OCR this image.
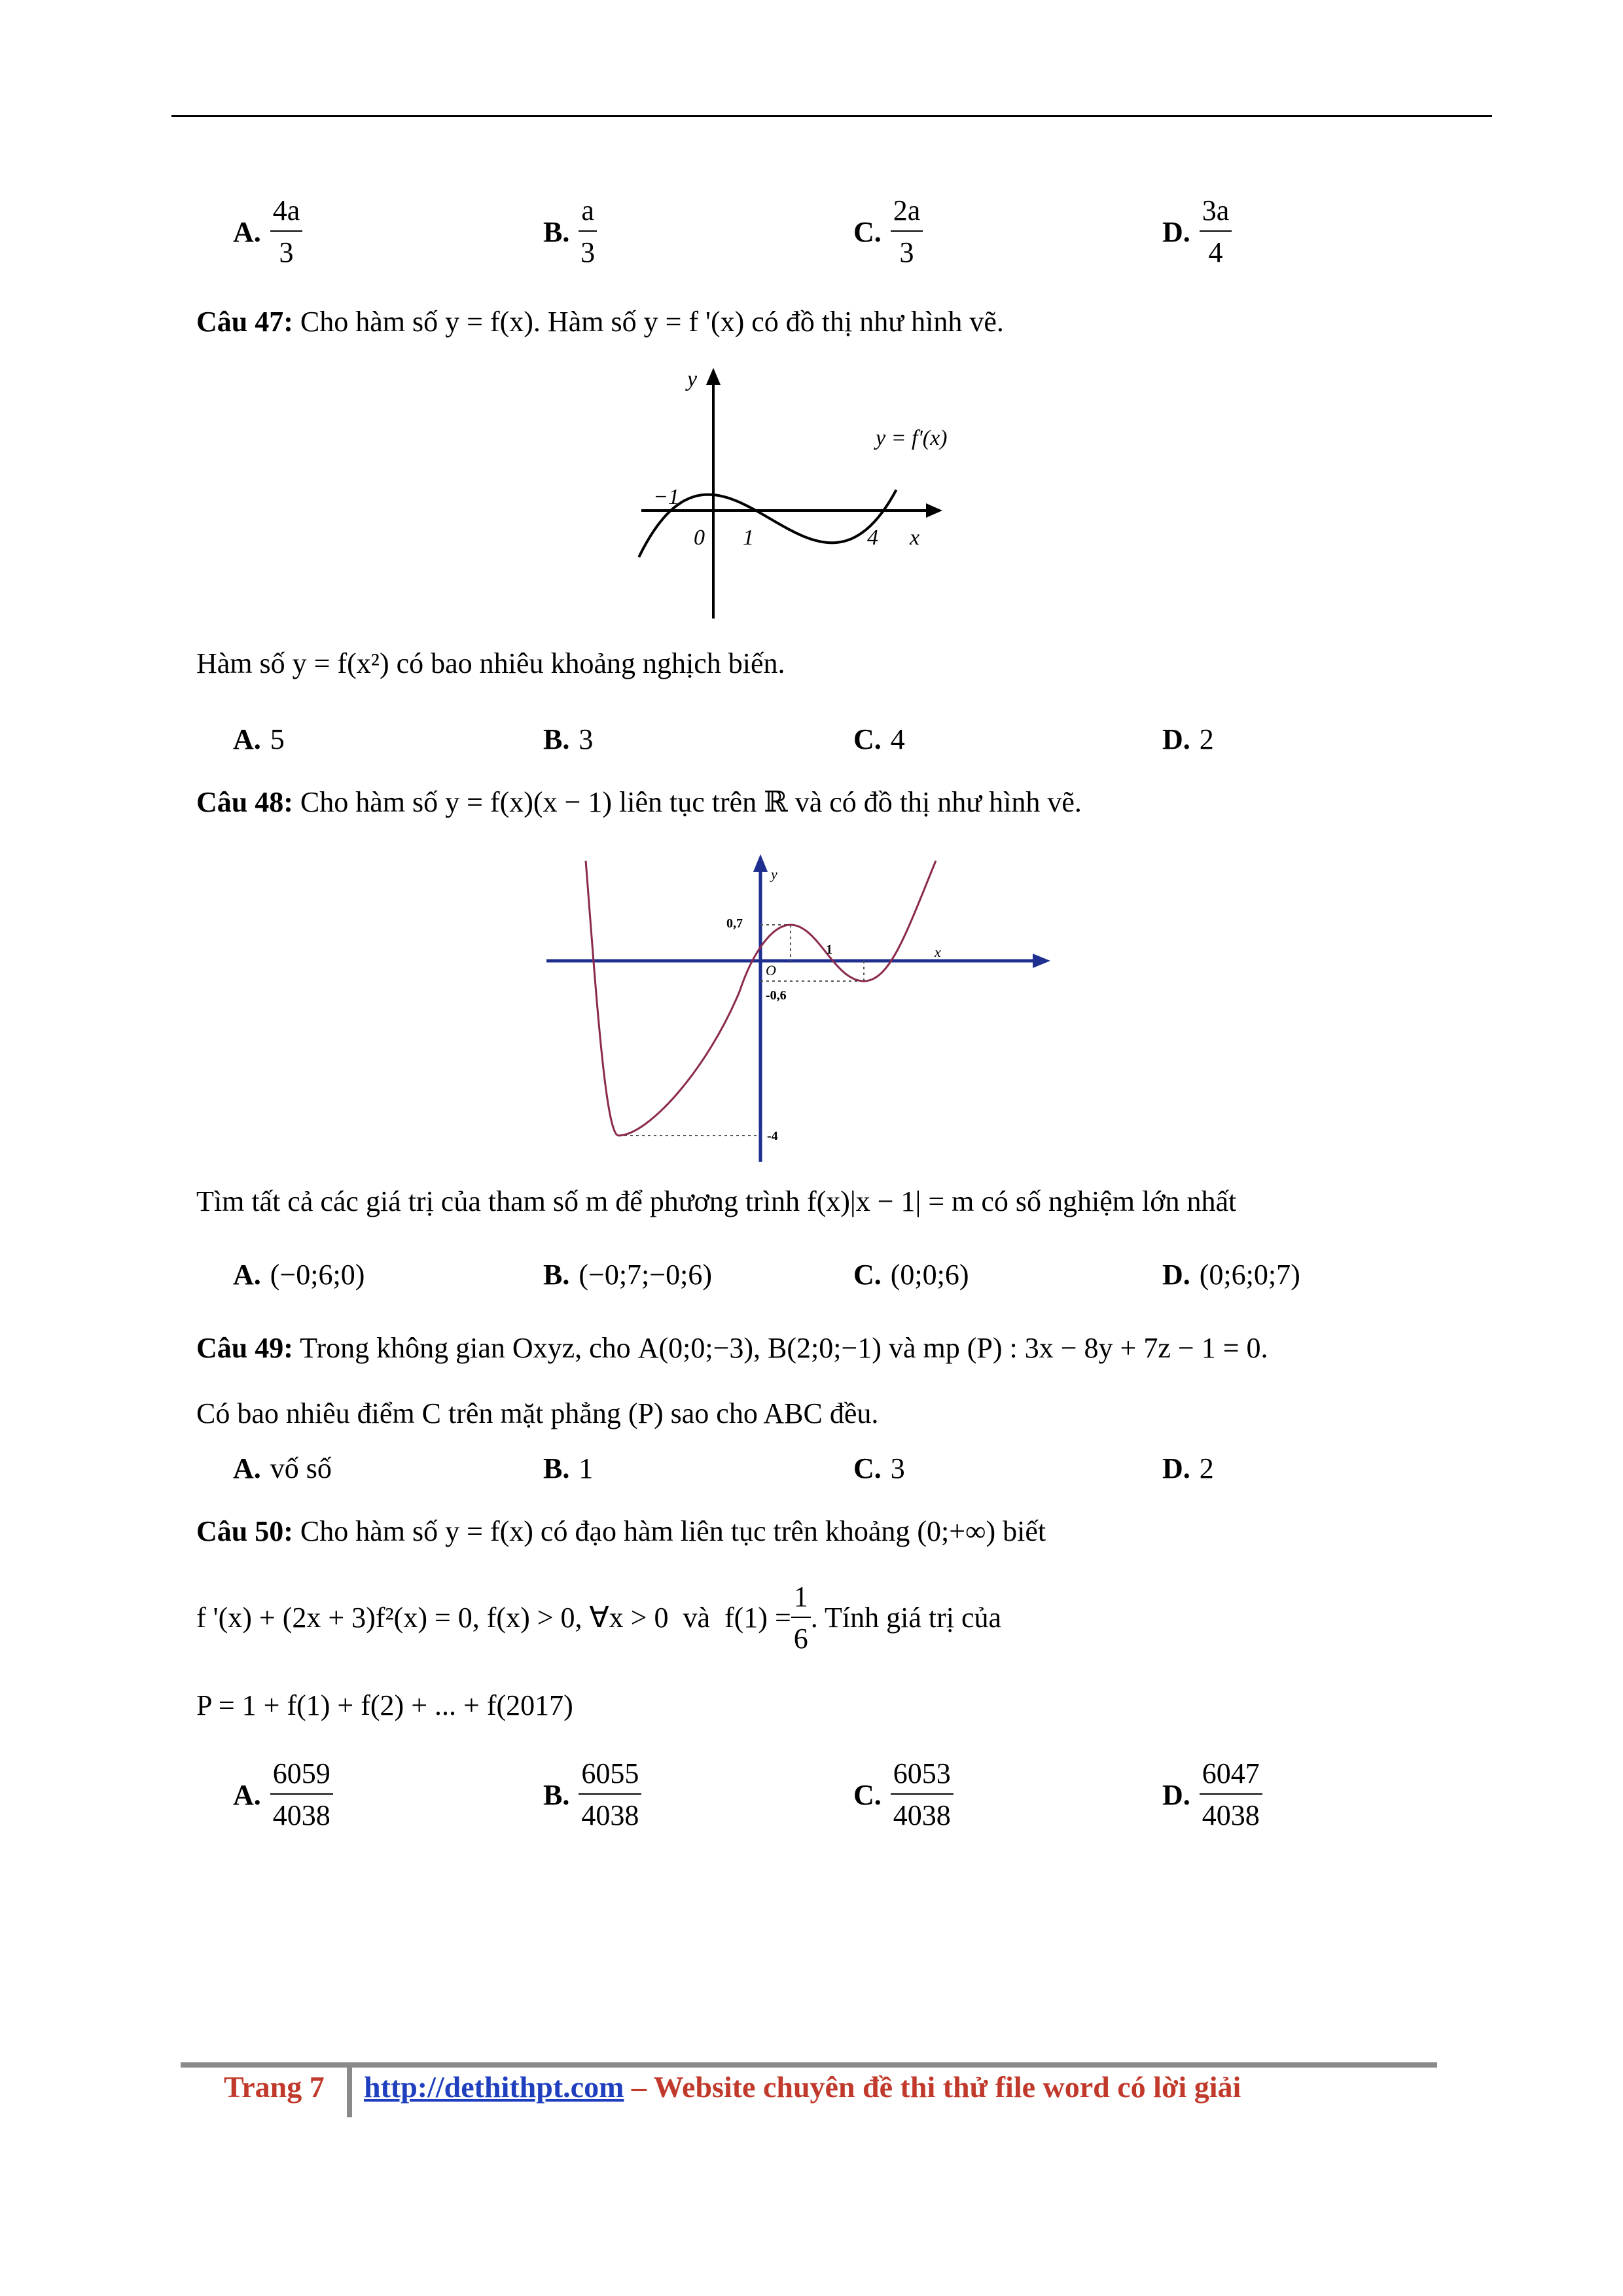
A. $\frac{4a}{3}$	B. $\frac{a}{3}$	C. $\frac{2a}{3}$	D. $\frac{3a}{4}$
Câu 47: Cho hàm số y = f(x). Hàm số y = f '(x) có đồ thị như hình vẽ.
y
x
y = f'(x)
−1
0 1	4
Hàm số y = f(x²) có bao nhiêu khoảng nghịch biến.
A. 5	B. 3	C. 4	D. 2
Câu 48: Cho hàm số y = f(x)(x − 1) liên tục trên ℝ và có đồ thị như hình vẽ.
y
x
O
0,7
-0,6
1
-4
Tìm tất cả các giá trị của tham số m để phương trình f(x)|x − 1| = m có số nghiệm lớn nhất
A. (−0;6;0)	B. (−0;7;−0;6)	C. (0;0;6)	D. (0;6;0;7)
Câu 49: Trong không gian Oxyz, cho A(0;0;−3), B(2;0;−1) và mp (P) : 3x − 8y + 7z − 1 = 0.
Có bao nhiêu điểm C trên mặt phẳng (P) sao cho ABC đều.
A. vố số	B. 1	C. 3	D. 2
Câu 50: Cho hàm số y = f(x) có đạo hàm liên tục trên khoảng (0;+∞) biết
f '(x) + (2x + 3)f²(x) = 0, f(x) > 0, ∀x > 0 và $f(1) = \frac{1}{6}$ . Tính giá trị của
P = 1 + f(1) + f(2) + ... + f(2017)
A. $\frac{6059}{4038}$	B. $\frac{6055}{4038}$	C. $\frac{6053}{4038}$	D. $\frac{6047}{4038}$
Trang 7 http://dethithpt.com – Website chuyên đề thi thử file word có lời giải
